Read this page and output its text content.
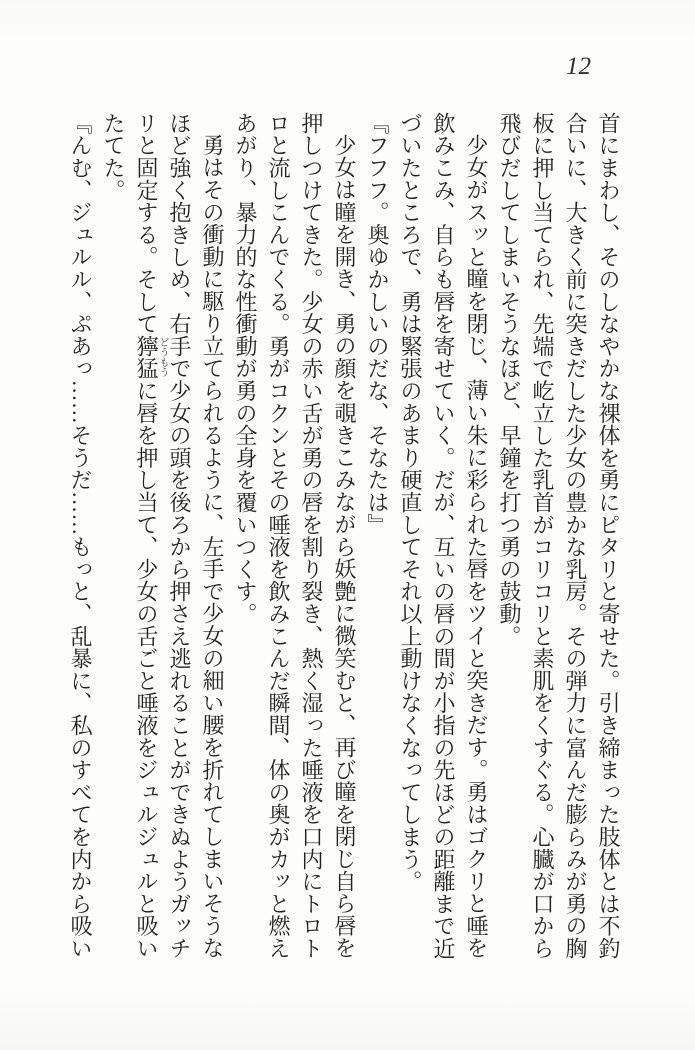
12

首にまわし、そのしなやかな裸体を勇にピタリと寄せた。引き締まった肢体とは不釣合いに、大きく前に突きだした少女の豊かな乳房。その弾力に富んだ膨らみが勇の胸板に押し当てられ、先端で屹立した乳首がコリコリと素肌をくすぐる。心臓が口から飛びだしてしまいそうなほど、早鐘を打つ勇の鼓動。

少女がスッと瞳を閉じ、薄い朱に彩られた唇をツイと突きだす。勇はゴクリと唾を飲みこみ、自らも唇を寄せていく。だが、互いの唇の間が小指の先ほどの距離まで近づいたところで、勇は緊張のあまり硬直してそれ以上動けなくなってしまう。

『フフフ。奥ゆかしいのだな、そなたは』

少女は瞳を開き、勇の顔を覗きこみながら妖艶に微笑むと、再び瞳を閉じ自ら唇を押しつけてきた。少女の赤い舌が勇の唇を割り裂き、熱く湿った唾液を口内にトロトロと流しこんでくる。勇がコクンとその唾液を飲みこんだ瞬間、体の奥がカッと燃えあがり、暴力的な性衝動が勇の全身を覆いつくす。

勇はその衝動に駆り立てられるように、左手で少女の細い腰を折れてしまいそうなほど強く抱きしめ、右手で少女の頭を後ろから押さえ逃れることができぬようガッチリと固定する。そして獰猛どうもうに唇を押し当て、少女の舌ごと唾液をジュルジュルと吸いたてた。

『んむ、ジュルル、ぷあっ……そうだ……もっと、乱暴に、私のすべてを内から吸い
